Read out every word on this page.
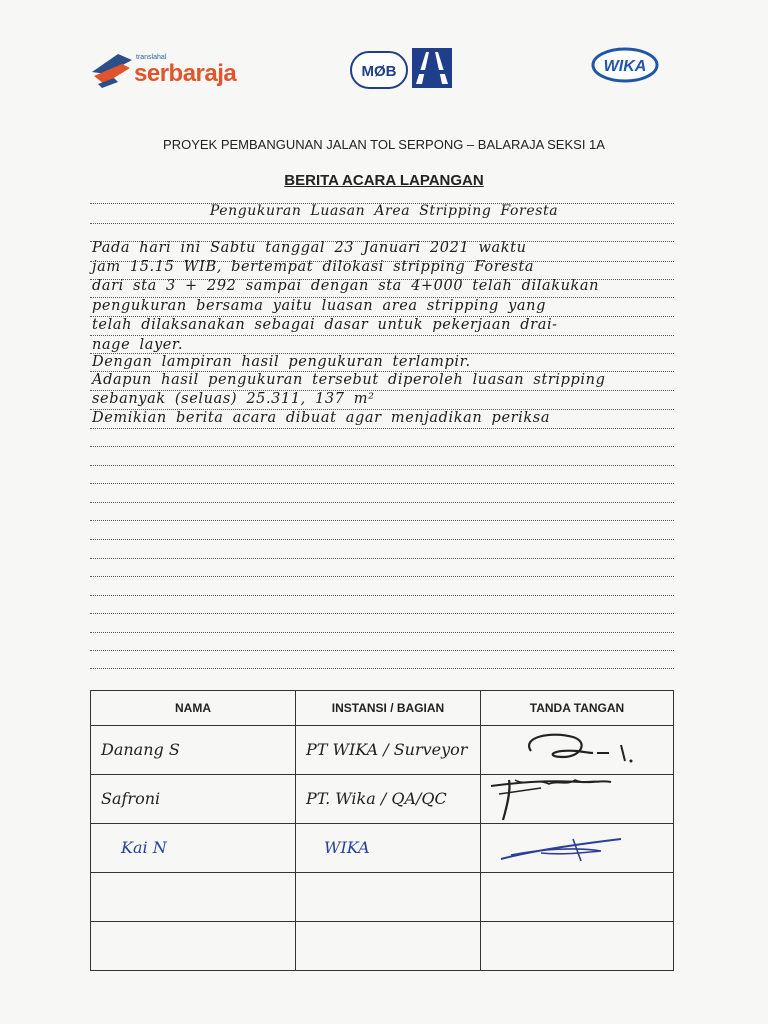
translahal
serbaraja	MØB	WIKA
PROYEK PEMBANGUNAN JALAN TOL SERPONG – BALARAJA SEKSI 1A
BERITA ACARA LAPANGAN
Pengukuran Luasan Area Stripping Foresta
Pada hari ini Sabtu tanggal 23 Januari 2021 waktu
jam 15.15 WIB, bertempat dilokasi stripping Foresta
dari sta 3 + 292 sampai dengan sta 4+000 telah dilakukan
pengukuran bersama yaitu luasan area stripping yang
telah dilaksanakan sebagai dasar untuk pekerjaan drai-
nage layer.
Dengan lampiran hasil pengukuran terlampir.
Adapun hasil pengukuran tersebut diperoleh luasan stripping
sebanyak (seluas) 25.311, 137 m²
Demikian berita acara dibuat agar menjadikan periksa
NAMA	INSTANSI / BAGIAN	TANDA TANGAN
Danang S	PT WIKA / Surveyor	

Safroni	PT. Wika / QA/QC	

Kai N	WIKA	
